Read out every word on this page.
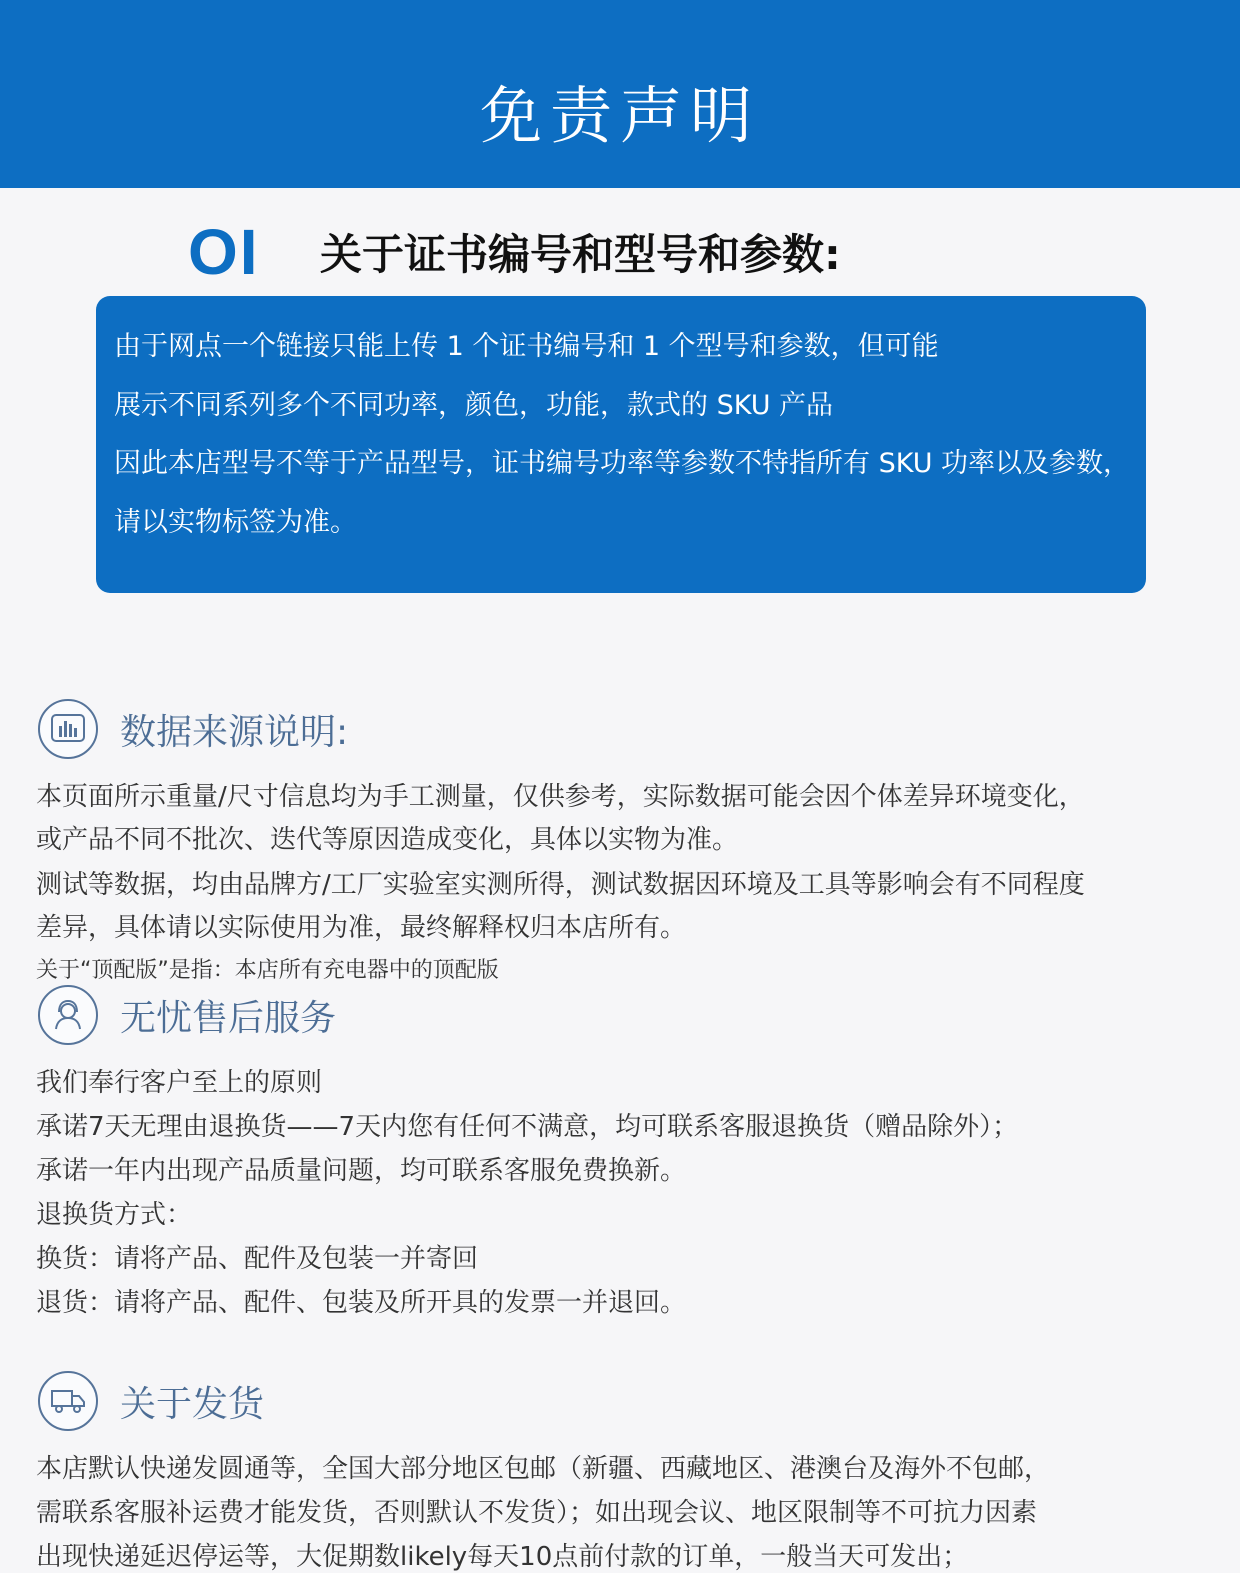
免责声明
OI	关于证书编号和型号和参数:
由于网点一个链接只能上传 1 个证书编号和 1 个型号和参数，但可能
展示不同系列多个不同功率，颜色，功能，款式的 SKU 产品
因此本店型号不等于产品型号，证书编号功率等参数不特指所有 SKU 功率以及参数，
请以实物标签为准。
数据来源说明:
本页面所示重量/尺寸信息均为手工测量，仅供参考，实际数据可能会因个体差异环境变化，
或产品不同不批次、迭代等原因造成变化，具体以实物为准。
测试等数据，均由品牌方/工厂实验室实测所得，测试数据因环境及工具等影响会有不同程度
差异，具体请以实际使用为准，最终解释权归本店所有。
关于“顶配版”是指：本店所有充电器中的顶配版
无忧售后服务
我们奉行客户至上的原则
承诺7天无理由退换货——7天内您有任何不满意，均可联系客服退换货（赠品除外）；
承诺一年内出现产品质量问题，均可联系客服免费换新。
退换货方式：
换货：请将产品、配件及包装一并寄回
退货：请将产品、配件、包装及所开具的发票一并退回。
关于发货
本店默认快递发圆通等，全国大部分地区包邮（新疆、西藏地区、港澳台及海外不包邮，
需联系客服补运费才能发货，否则默认不发货）；如出现会议、地区限制等不可抗力因素
出现快递延迟停运等，大促期数likely每天10点前付款的订单，一般当天可发出；
